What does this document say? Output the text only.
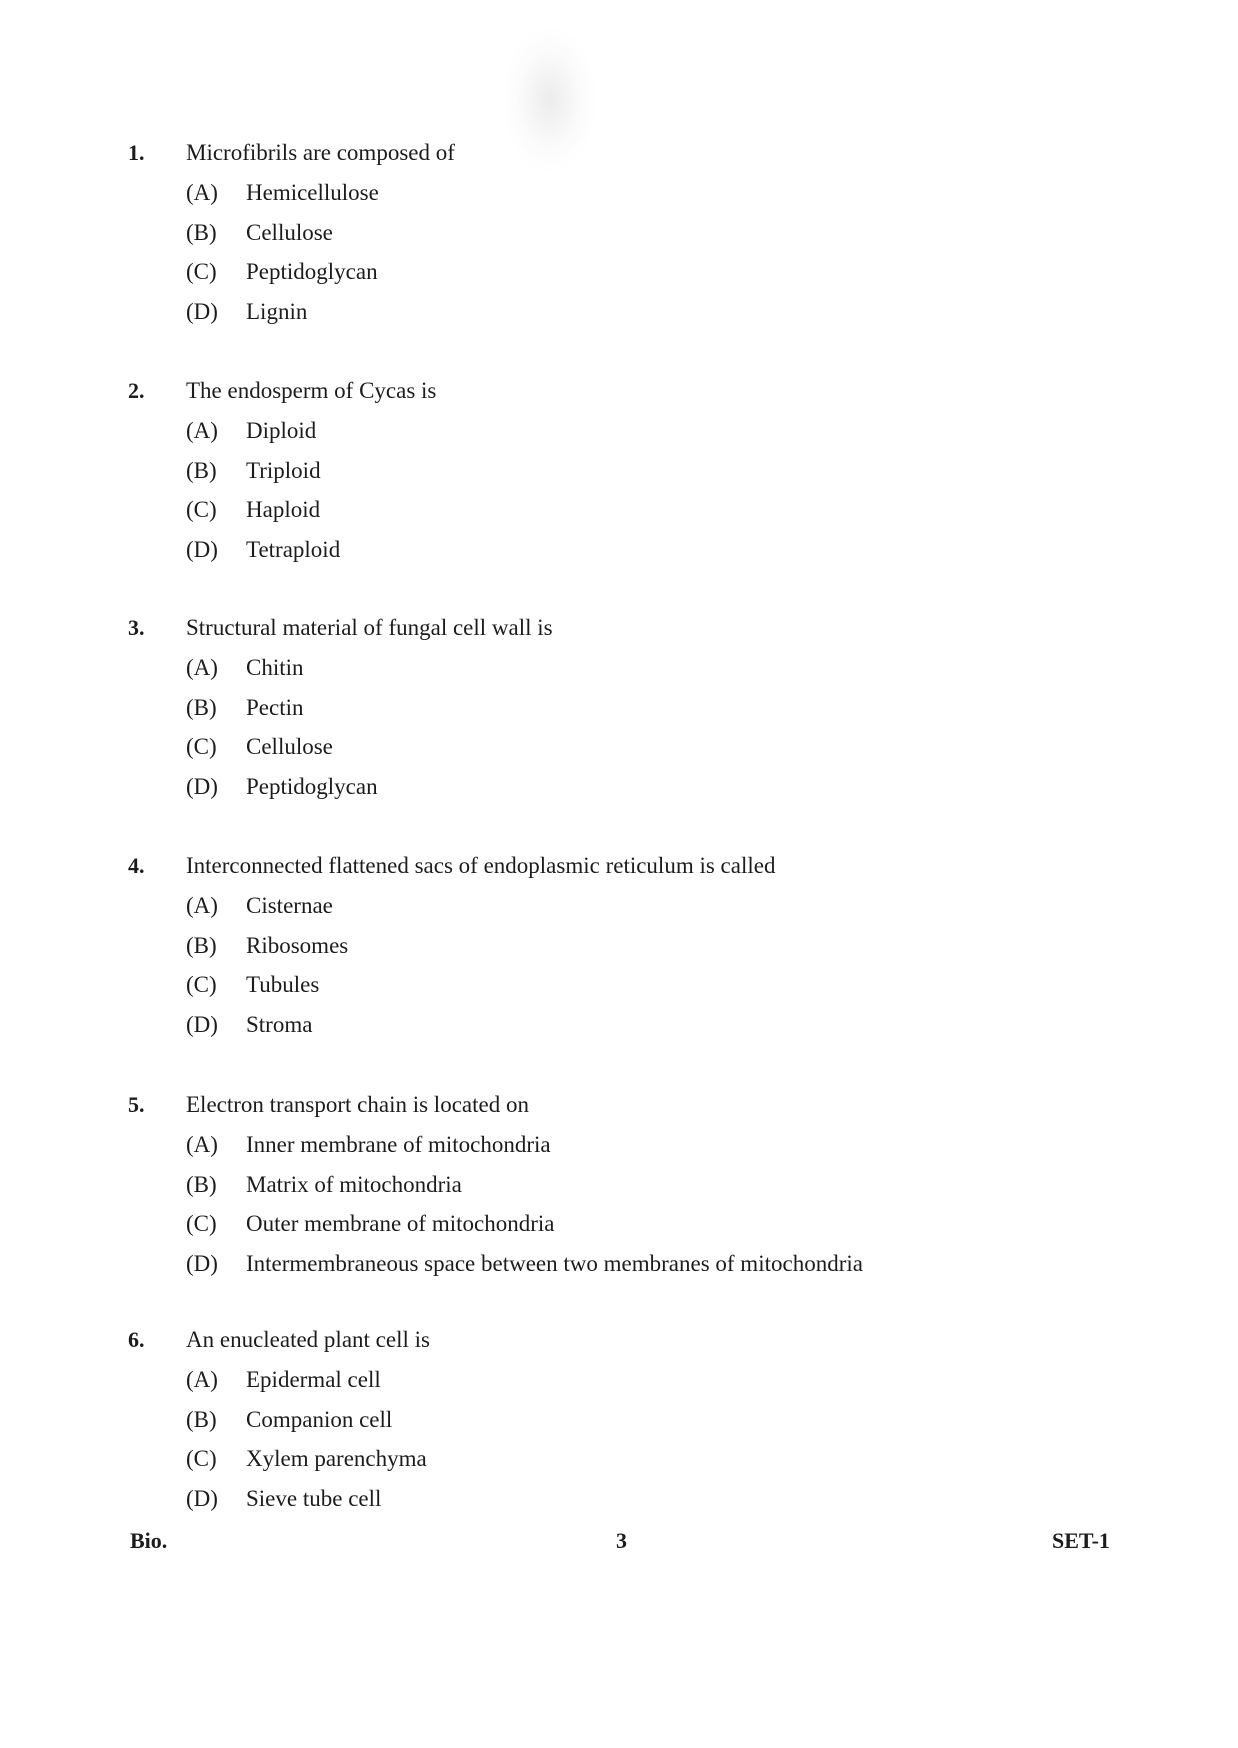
1. Microfibrils are composed of
(A) Hemicellulose
(B) Cellulose
(C) Peptidoglycan
(D) Lignin
2. The endosperm of Cycas is
(A) Diploid
(B) Triploid
(C) Haploid
(D) Tetraploid
3. Structural material of fungal cell wall is
(A) Chitin
(B) Pectin
(C) Cellulose
(D) Peptidoglycan
4. Interconnected flattened sacs of endoplasmic reticulum is called
(A) Cisternae
(B) Ribosomes
(C) Tubules
(D) Stroma
5. Electron transport chain is located on
(A) Inner membrane of mitochondria
(B) Matrix of mitochondria
(C) Outer membrane of mitochondria
(D) Intermembraneous space between two membranes of mitochondria
6. An enucleated plant cell is
(A) Epidermal cell
(B) Companion cell
(C) Xylem parenchyma
(D) Sieve tube cell
Bio.	3	SET-1
